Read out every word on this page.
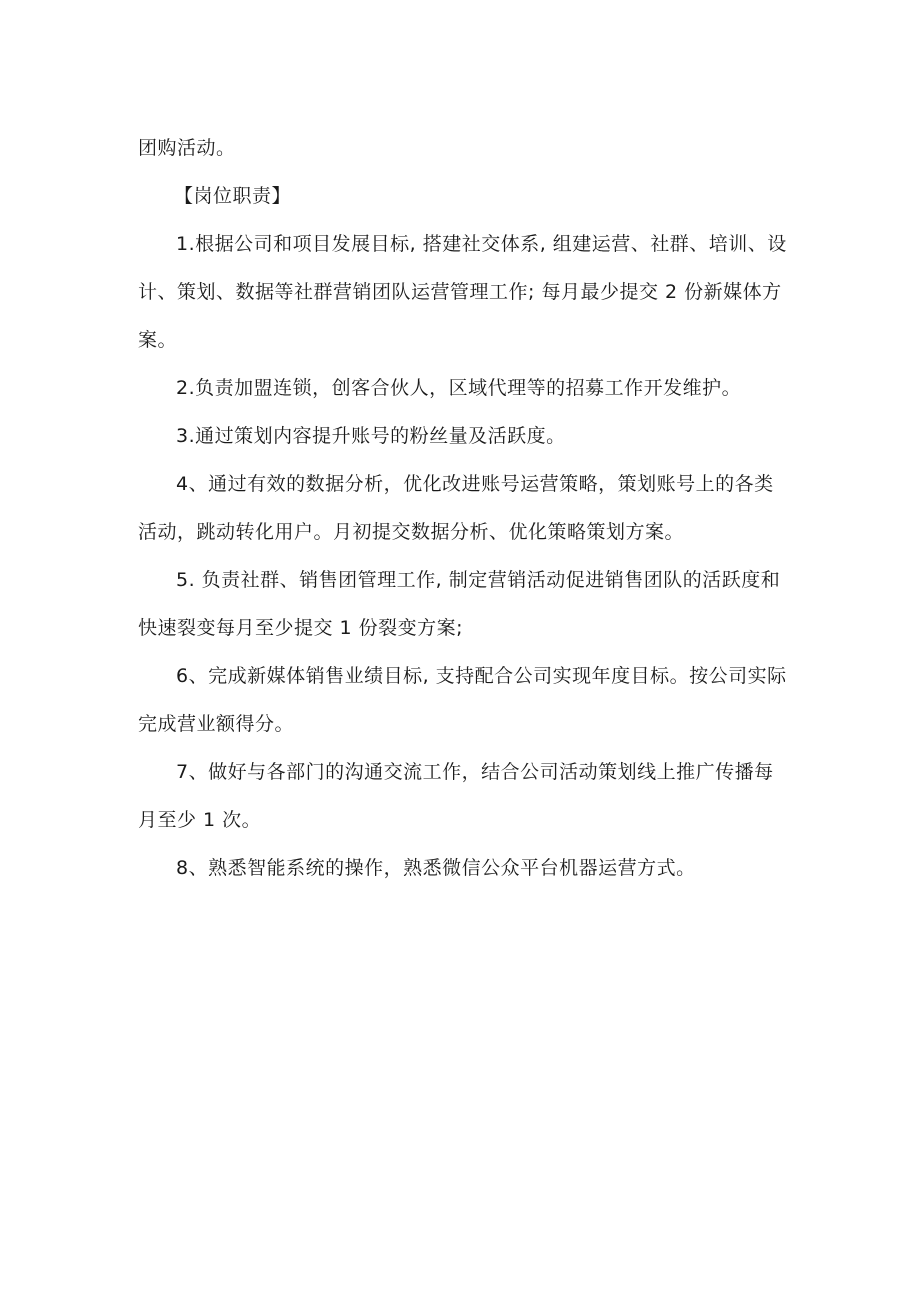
团购活动。

【岗位职责】

1.根据公司和项目发展目标, 搭建社交体系, 组建运营、社群、培训、设计、策划、数据等社群营销团队运营管理工作; 每月最少提交 2 份新媒体方案。

2.负责加盟连锁，创客合伙人，区域代理等的招募工作开发维护。

3.通过策划内容提升账号的粉丝量及活跃度。

4、通过有效的数据分析，优化改进账号运营策略，策划账号上的各类活动，跳动转化用户。月初提交数据分析、优化策略策划方案。

5. 负责社群、销售团管理工作, 制定营销活动促进销售团队的活跃度和快速裂变每月至少提交 1 份裂变方案;

6、完成新媒体销售业绩目标, 支持配合公司实现年度目标。按公司实际完成营业额得分。

7、做好与各部门的沟通交流工作，结合公司活动策划线上推广传播每月至少 1 次。

8、熟悉智能系统的操作，熟悉微信公众平台机器运营方式。
